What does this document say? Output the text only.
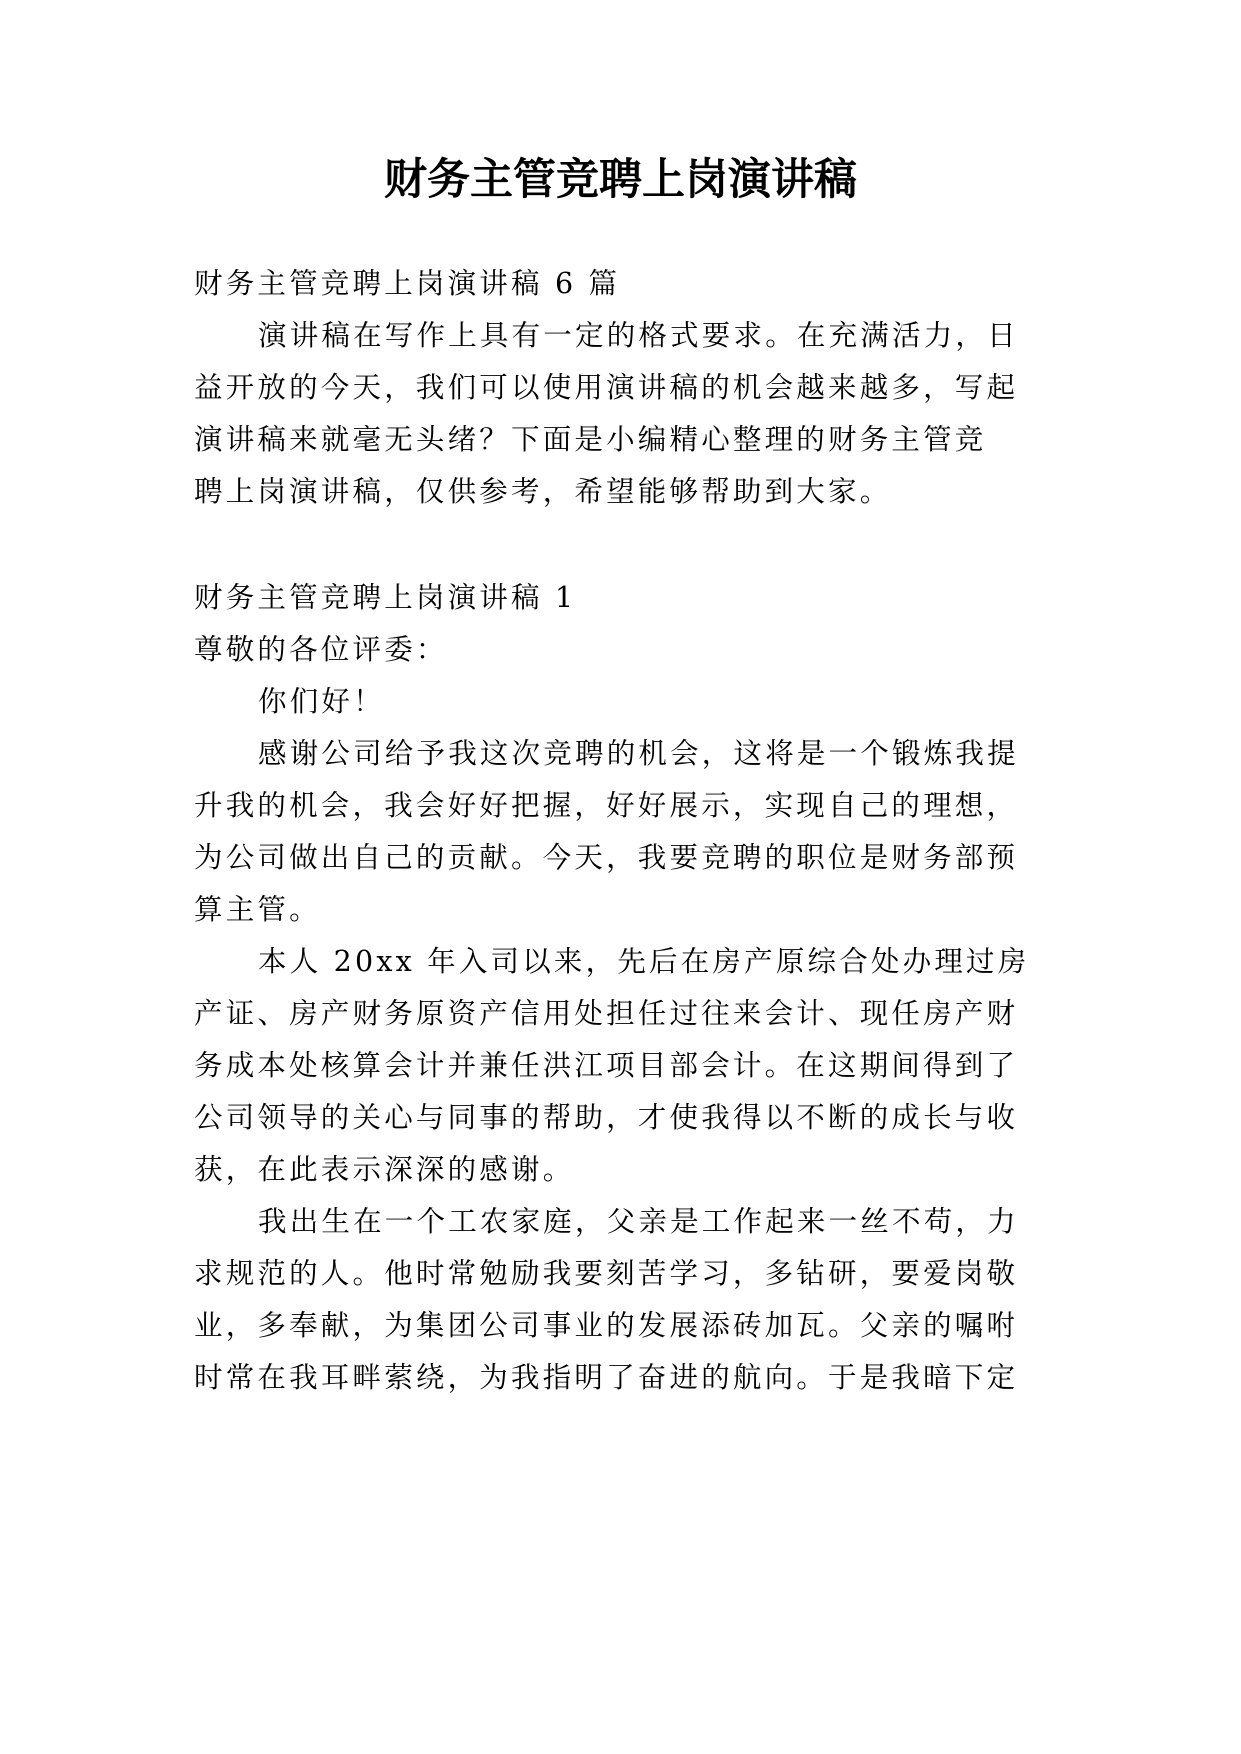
财务主管竞聘上岗演讲稿
财务主管竞聘上岗演讲稿 6 篇
演讲稿在写作上具有一定的格式要求。在充满活力，日
益开放的今天，我们可以使用演讲稿的机会越来越多，写起
演讲稿来就毫无头绪？下面是小编精心整理的财务主管竞
聘上岗演讲稿，仅供参考，希望能够帮助到大家。
财务主管竞聘上岗演讲稿 1
尊敬的各位评委：
你们好！
感谢公司给予我这次竞聘的机会，这将是一个锻炼我提
升我的机会，我会好好把握，好好展示，实现自己的理想，
为公司做出自己的贡献。今天，我要竞聘的职位是财务部预
算主管。
本人 20xx 年入司以来，先后在房产原综合处办理过房
产证、房产财务原资产信用处担任过往来会计、现任房产财
务成本处核算会计并兼任洪江项目部会计。在这期间得到了
公司领导的关心与同事的帮助，才使我得以不断的成长与收
获，在此表示深深的感谢。
我出生在一个工农家庭，父亲是工作起来一丝不苟，力
求规范的人。他时常勉励我要刻苦学习，多钻研，要爱岗敬
业，多奉献，为集团公司事业的发展添砖加瓦。父亲的嘱咐
时常在我耳畔萦绕，为我指明了奋进的航向。于是我暗下定
